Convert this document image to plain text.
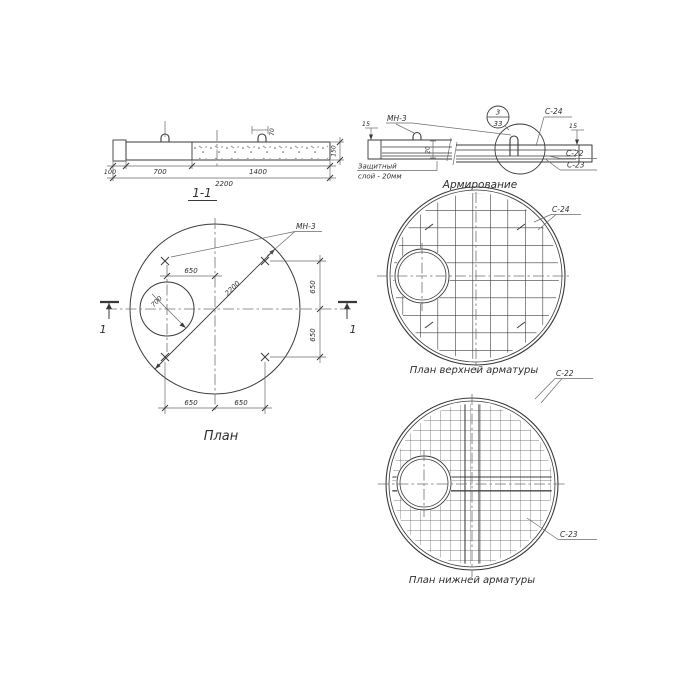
70
150
100	700	1400
2200
1-1
3
33
МН-3
15	15
20
С-24
С-22
С-23
Защитный
слой - 20мм
Армирование
700
2200
МН-3
650
650
650
650	650
1	1
План
С-24
План верхней арматуры С-22
С-23
План нижней арматуры
